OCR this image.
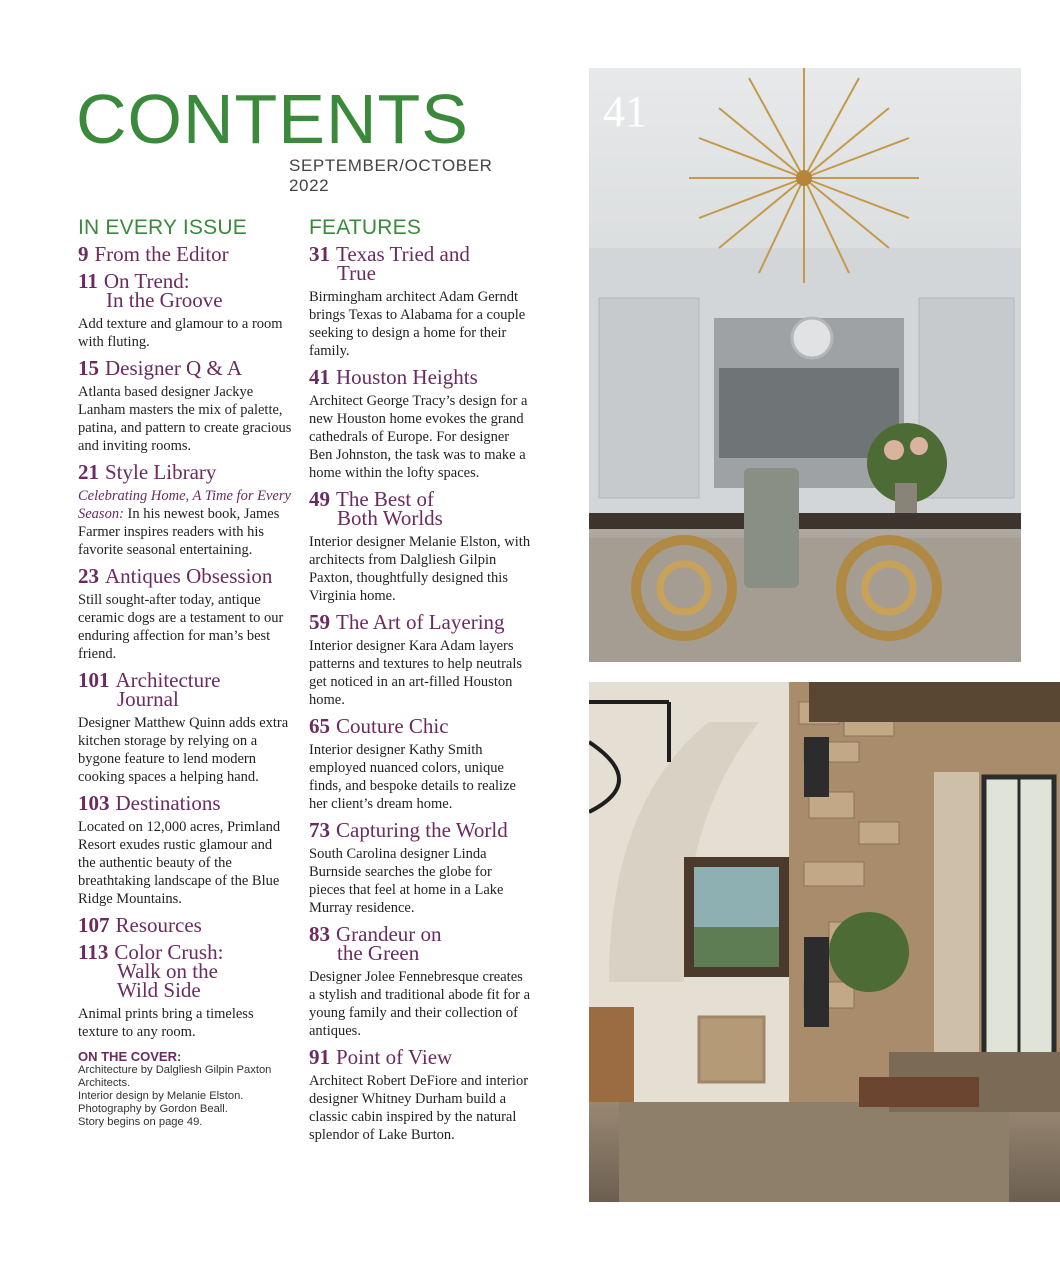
CONTENTS
SEPTEMBER/OCTOBER 2022
IN EVERY ISSUE
9 From the Editor
11 On Trend:
In the Groove

Add texture and glamour to a room with fluting.

15 Designer Q & A

Atlanta based designer Jackye Lanham masters the mix of palette, patina, and pattern to create gracious and inviting rooms.

21 Style Library

Celebrating Home, A Time for Every Season: In his newest book, James Farmer inspires readers with his favorite seasonal entertaining.

23 Antiques Obsession

Still sought-after today, antique ceramic dogs are a testament to our enduring affection for man’s best friend.

101 Architecture
Journal

Designer Matthew Quinn adds extra kitchen storage by relying on a bygone feature to lend modern cooking spaces a helping hand.

103 Destinations

Located on 12,000 acres, Primland Resort exudes rustic glamour and the authentic beauty of the breathtaking landscape of the Blue Ridge Mountains.

107 Resources
113 Color Crush:
Walk on the
Wild Side

Animal prints bring a timeless texture to any room.

ON THE COVER:

Architecture by Dalgliesh Gilpin Paxton Architects.

Interior design by Melanie Elston.

Photography by Gordon Beall.

Story begins on page 49.

FEATURES
31 Texas Tried and
True

Birmingham architect Adam Gerndt brings Texas to Alabama for a couple seeking to design a home for their family.

41 Houston Heights

Architect George Tracy’s design for a new Houston home evokes the grand cathedrals of Europe. For designer Ben Johnston, the task was to make a home within the lofty spaces.

49 The Best of
Both Worlds

Interior designer Melanie Elston, with architects from Dalgliesh Gilpin Paxton, thoughtfully designed this Virginia home.

59 The Art of Layering

Interior designer Kara Adam layers patterns and textures to help neutrals get noticed in an art-filled Houston home.

65 Couture Chic

Interior designer Kathy Smith employed nuanced colors, unique finds, and bespoke details to realize her client’s dream home.

73 Capturing the World

South Carolina designer Linda Burnside searches the globe for pieces that feel at home in a Lake Murray residence.

83 Grandeur on
the Green

Designer Jolee Fennebresque creates a stylish and traditional abode fit for a young family and their collection of antiques.

91 Point of View

Architect Robert DeFiore and interior designer Whitney Durham build a classic cabin inspired by the natural splendor of Lake Burton.

41
